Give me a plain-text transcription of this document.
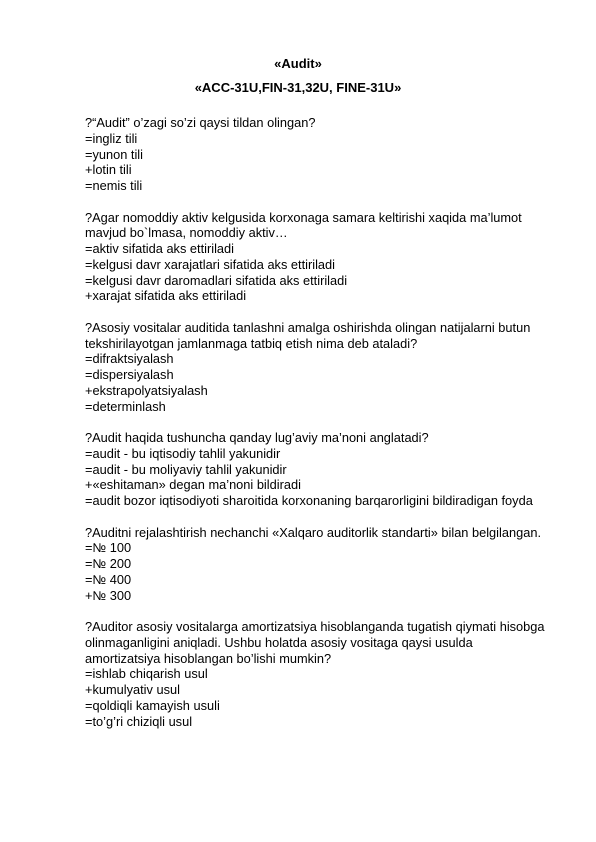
«Audit»

«ACC-31U,FIN-31,32U, FINE-31U»

?“Audit” o’zagi so’zi qaysi tildan olingan?

=ingliz tili

=yunon tili

+lotin tili

=nemis tili

?Agar nomoddiy aktiv kelgusida korxonaga samara keltirishi xaqida ma’lumot mavjud bo`lmasa, nomoddiy aktiv…

=aktiv sifatida aks ettiriladi

=kelgusi davr xarajatlari sifatida aks ettiriladi

=kelgusi davr daromadlari sifatida aks ettiriladi

+xarajat sifatida aks ettiriladi

?Asosiy vositalar auditida tanlashni amalga oshirishda olingan natijalarni butun tekshirilayotgan jamlanmaga tatbiq etish nima deb ataladi?

=difraktsiyalash

=dispersiyalash

+ekstrapolyatsiyalash

=determinlash

?Audit haqida tushuncha qanday lug’aviy ma’noni anglatadi?

=audit - bu iqtisodiy tahlil yakunidir

=audit - bu moliyaviy tahlil yakunidir

+«eshitaman» degan ma’noni bildiradi

=audit bozor iqtisodiyoti sharoitida korxonaning barqarorligini bildiradigan foyda

?Auditni rejalashtirish nechanchi «Xalqaro auditorlik standarti» bilan belgilangan.

=№ 100

=№ 200

=№ 400

+№ 300

?Auditor asosiy vositalarga amortizatsiya hisoblanganda tugatish qiymati hisobga olinmaganligini aniqladi. Ushbu holatda asosiy vositaga qaysi usulda amortizatsiya hisoblangan bo’lishi mumkin?

=ishlab chiqarish usul

+kumulyativ usul

=qoldiqli kamayish usuli

=to’g’ri chiziqli usul
